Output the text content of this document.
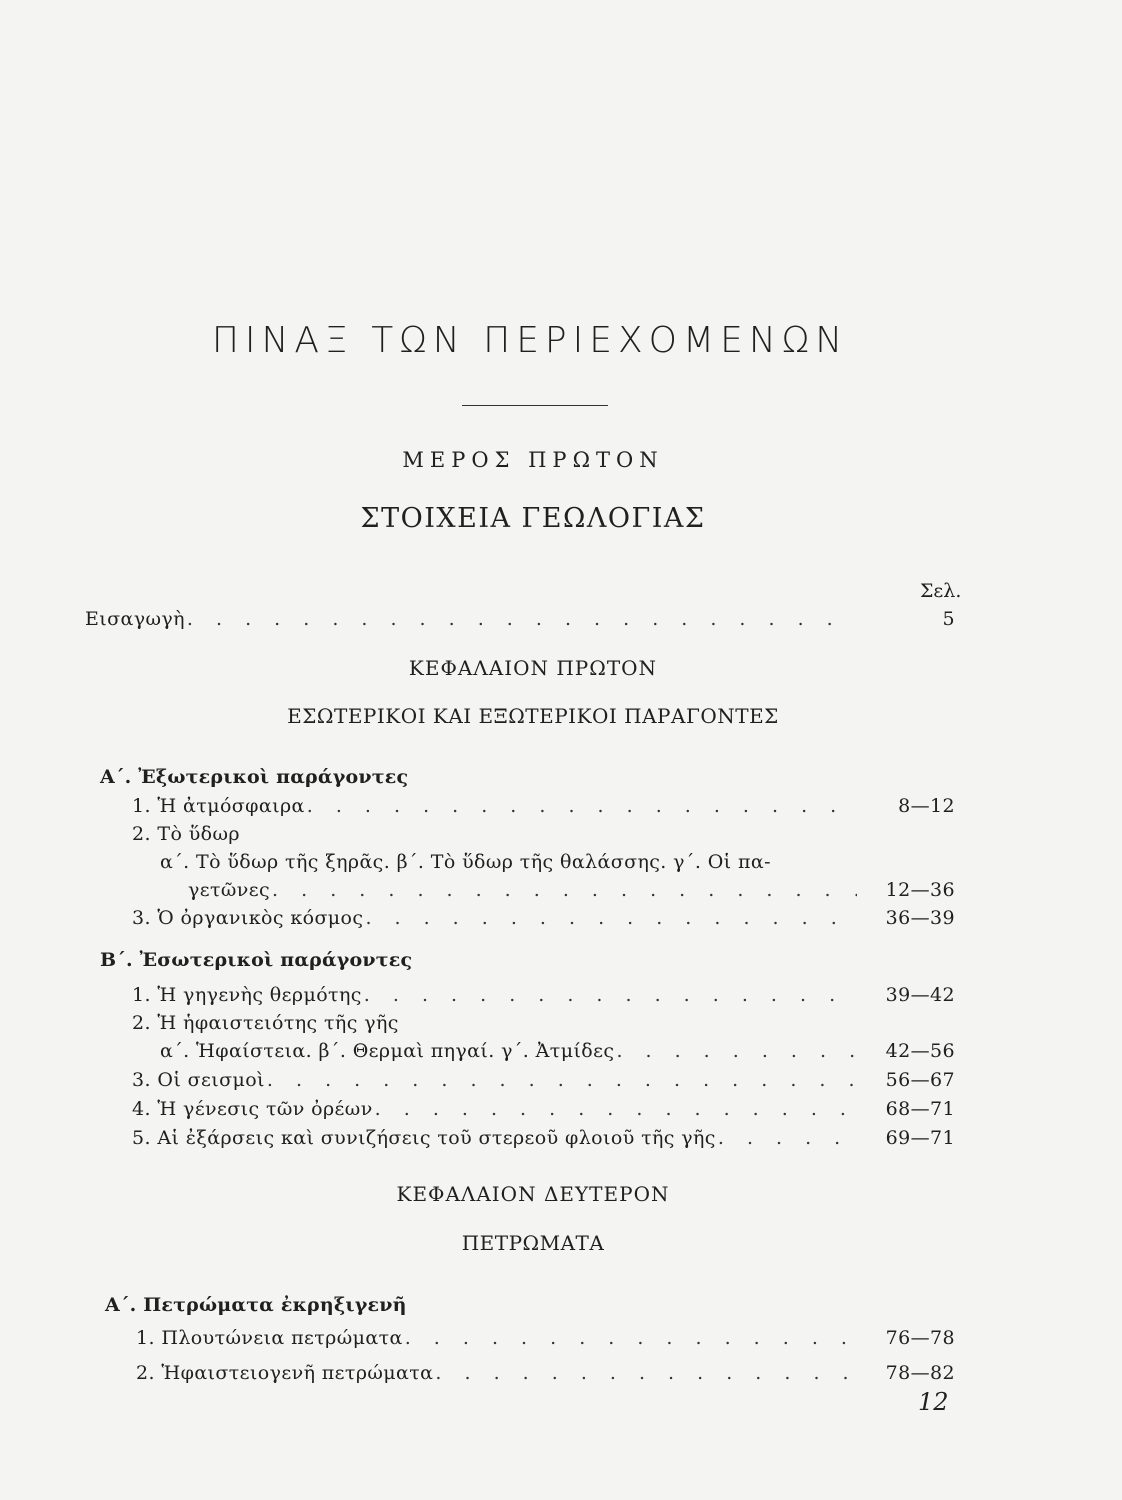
ΠΙΝΑΞ ΤΩΝ ΠΕΡΙΕΧΟΜΕΝΩΝ
ΜΕΡΟΣ ΠΡΩΤΟΝ
ΣΤΟΙΧΕΙΑ ΓΕΩΛΟΓΙΑΣ
Σελ.
Εισαγωγὴ . . .	5
ΚΕΦΑΛΑΙΟΝ ΠΡΩΤΟΝ
ΕΣΩΤΕΡΙΚΟΙ ΚΑΙ ΕΞΩΤΕΡΙΚΟΙ ΠΑΡΑΓΟΝΤΕΣ
Α΄. Ἐξωτερικοὶ παράγοντες
1. Ἡ ἀτμόσφαιρα . . .	8—12
2. Τὸ ὕδωρ
α΄. Τὸ ὕδωρ τῆς ξηρᾶς. β΄. Τὸ ὕδωρ τῆς θαλάσσης. γ΄. Οἱ πα-
γετῶνες . . .	12—36
3. Ὁ ὀργανικὸς κόσμος . . .	36—39
Β΄. Ἐσωτερικοὶ παράγοντες
1. Ἡ γηγενὴς θερμότης . . .	39—42
2. Ἡ ἡφαιστειότης τῆς γῆς
α΄. Ἡφαίστεια. β΄. Θερμαὶ πηγαί. γ΄. Ἀτμίδες . . .	42—56
3. Οἱ σεισμοὶ . . .	56—67
4. Ἡ γένεσις τῶν ὀρέων . . .	68—71
5. Αἱ ἐξάρσεις καὶ συνιζήσεις τοῦ στερεοῦ φλοιοῦ τῆς γῆς . . .	69—71
ΚΕΦΑΛΑΙΟΝ ΔΕΥΤΕΡΟΝ
ΠΕΤΡΩΜΑΤΑ
Α΄. Πετρώματα ἐκρηξιγενῆ
1. Πλουτώνεια πετρώματα . . .	76—78
2. Ἡφαιστειογενῆ πετρώματα . . .	78—82
12
